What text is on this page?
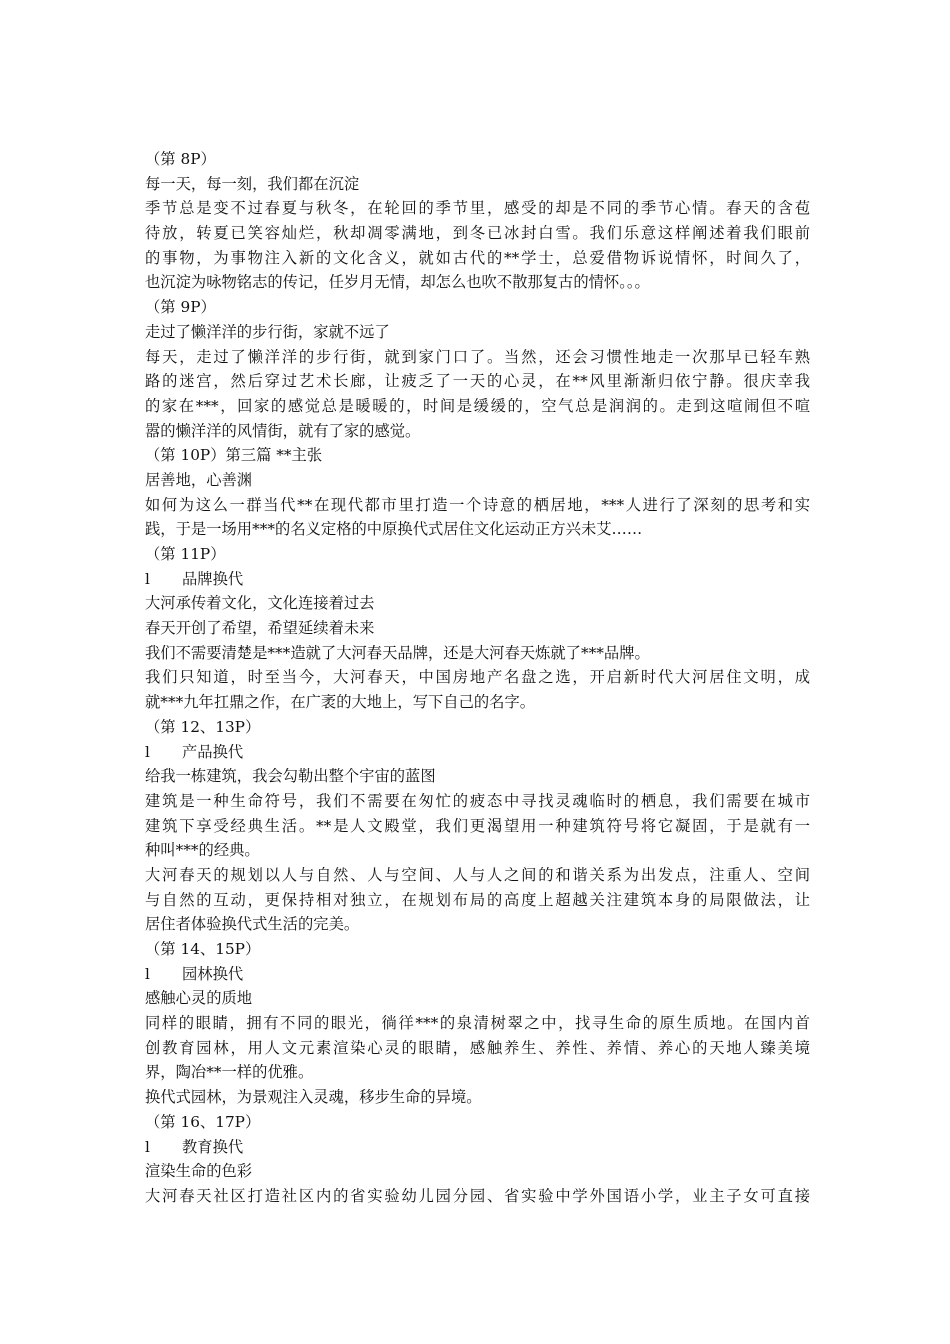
（第 8P）
每一天，每一刻，我们都在沉淀
季节总是变不过春夏与秋冬，在轮回的季节里，感受的却是不同的季节心情。春天的含苞
待放，转夏已笑容灿烂，秋却凋零满地，到冬已冰封白雪。我们乐意这样阐述着我们眼前
的事物，为事物注入新的文化含义，就如古代的**学士，总爱借物诉说情怀，时间久了，
也沉淀为咏物铭志的传记，任岁月无情，却怎么也吹不散那复古的情怀。。。
（第 9P）
走过了懒洋洋的步行街，家就不远了
每天，走过了懒洋洋的步行街，就到家门口了。当然，还会习惯性地走一次那早已轻车熟
路的迷宫，然后穿过艺术长廊，让疲乏了一天的心灵，在**风里渐渐归依宁静。很庆幸我
的家在***，回家的感觉总是暖暖的，时间是缓缓的，空气总是润润的。走到这喧闹但不喧
嚣的懒洋洋的风情街，就有了家的感觉。
（第 10P）第三篇 **主张
居善地，心善渊
如何为这么一群当代**在现代都市里打造一个诗意的栖居地，***人进行了深刻的思考和实
践，于是一场用***的名义定格的中原换代式居住文化运动正方兴未艾……
（第 11P）
l 品牌换代
大河承传着文化，文化连接着过去
春天开创了希望，希望延续着未来
我们不需要清楚是***造就了大河春天品牌，还是大河春天炼就了***品牌。
我们只知道，时至当今，大河春天，中国房地产名盘之选，开启新时代大河居住文明，成
就***九年扛鼎之作，在广袤的大地上，写下自己的名字。
（第 12、13P）
l 产品换代
给我一栋建筑，我会勾勒出整个宇宙的蓝图
建筑是一种生命符号，我们不需要在匆忙的疲态中寻找灵魂临时的栖息，我们需要在城市
建筑下享受经典生活。**是人文殿堂，我们更渴望用一种建筑符号将它凝固，于是就有一
种叫***的经典。
大河春天的规划以人与自然、人与空间、人与人之间的和谐关系为出发点，注重人、空间
与自然的互动，更保持相对独立，在规划布局的高度上超越关注建筑本身的局限做法，让
居住者体验换代式生活的完美。
（第 14、15P）
l 园林换代
感触心灵的质地
同样的眼睛，拥有不同的眼光，徜徉***的泉清树翠之中，找寻生命的原生质地。在国内首
创教育园林，用人文元素渲染心灵的眼睛，感触养生、养性、养情、养心的天地人臻美境
界，陶冶**一样的优雅。
换代式园林，为景观注入灵魂，移步生命的异境。
（第 16、17P）
l 教育换代
渲染生命的色彩
大河春天社区打造社区内的省实验幼儿园分园、省实验中学外国语小学，业主子女可直接
